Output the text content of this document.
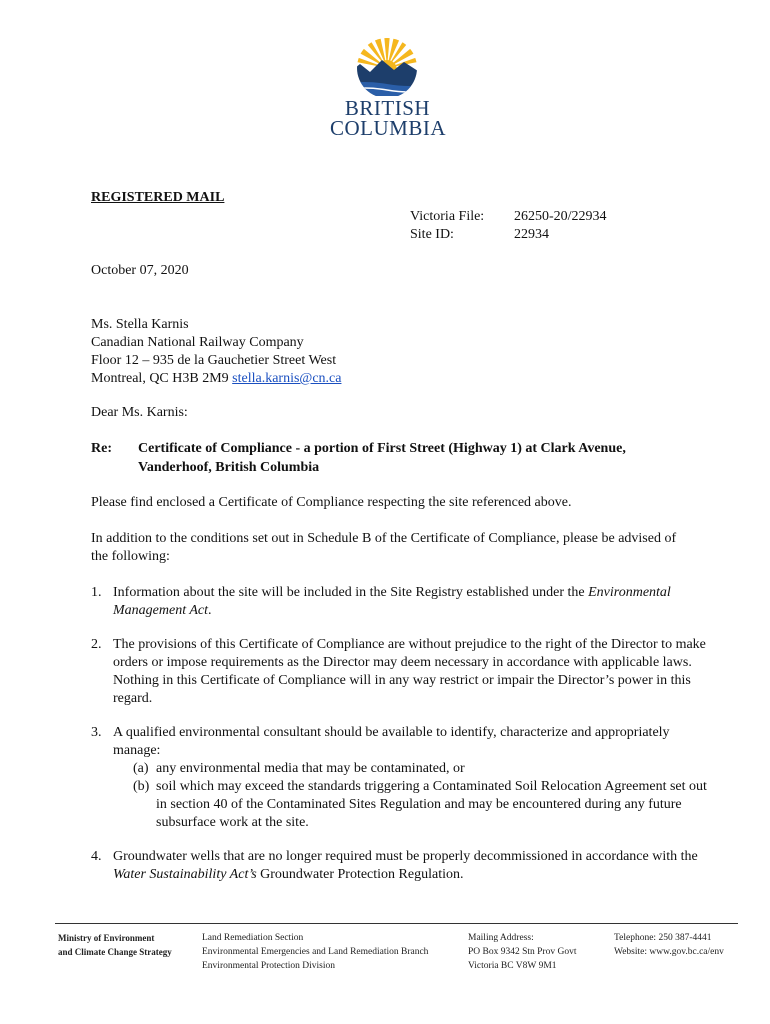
BRITISH
COLUMBIA
REGISTERED MAIL
Victoria File:	26250-20/22934
Site ID:	22934
October 07, 2020
Ms. Stella Karnis
Canadian National Railway Company
Floor 12 – 935 de la Gauchetier Street West
Montreal, QC H3B 2M9 stella.karnis@cn.ca
Dear Ms. Karnis:
Re:	Certificate of Compliance - a portion of First Street (Highway 1) at Clark Avenue, Vanderhoof, British Columbia
Please find enclosed a Certificate of Compliance respecting the site referenced above.
In addition to the conditions set out in Schedule B of the Certificate of Compliance, please be advised of the following:
1. Information about the site will be included in the Site Registry established under the Environmental Management Act.
2. The provisions of this Certificate of Compliance are without prejudice to the right of the Director to make orders or impose requirements as the Director may deem necessary in accordance with applicable laws. Nothing in this Certificate of Compliance will in any way restrict or impair the Director’s power in this regard.
3. A qualified environmental consultant should be available to identify, characterize and appropriately manage:
(a) any environmental media that may be contaminated, or
(b) soil which may exceed the standards triggering a Contaminated Soil Relocation Agreement set out in section 40 of the Contaminated Sites Regulation and may be encountered during any future subsurface work at the site.
4. Groundwater wells that are no longer required must be properly decommissioned in accordance with the Water Sustainability Act’s Groundwater Protection Regulation.
Ministry of Environment
and Climate Change Strategy
Land Remediation Section
Environmental Emergencies and Land Remediation Branch
Environmental Protection Division
Mailing Address:
PO Box 9342 Stn Prov Govt
Victoria BC V8W 9M1
Telephone: 250 387-4441
Website: www.gov.bc.ca/env
